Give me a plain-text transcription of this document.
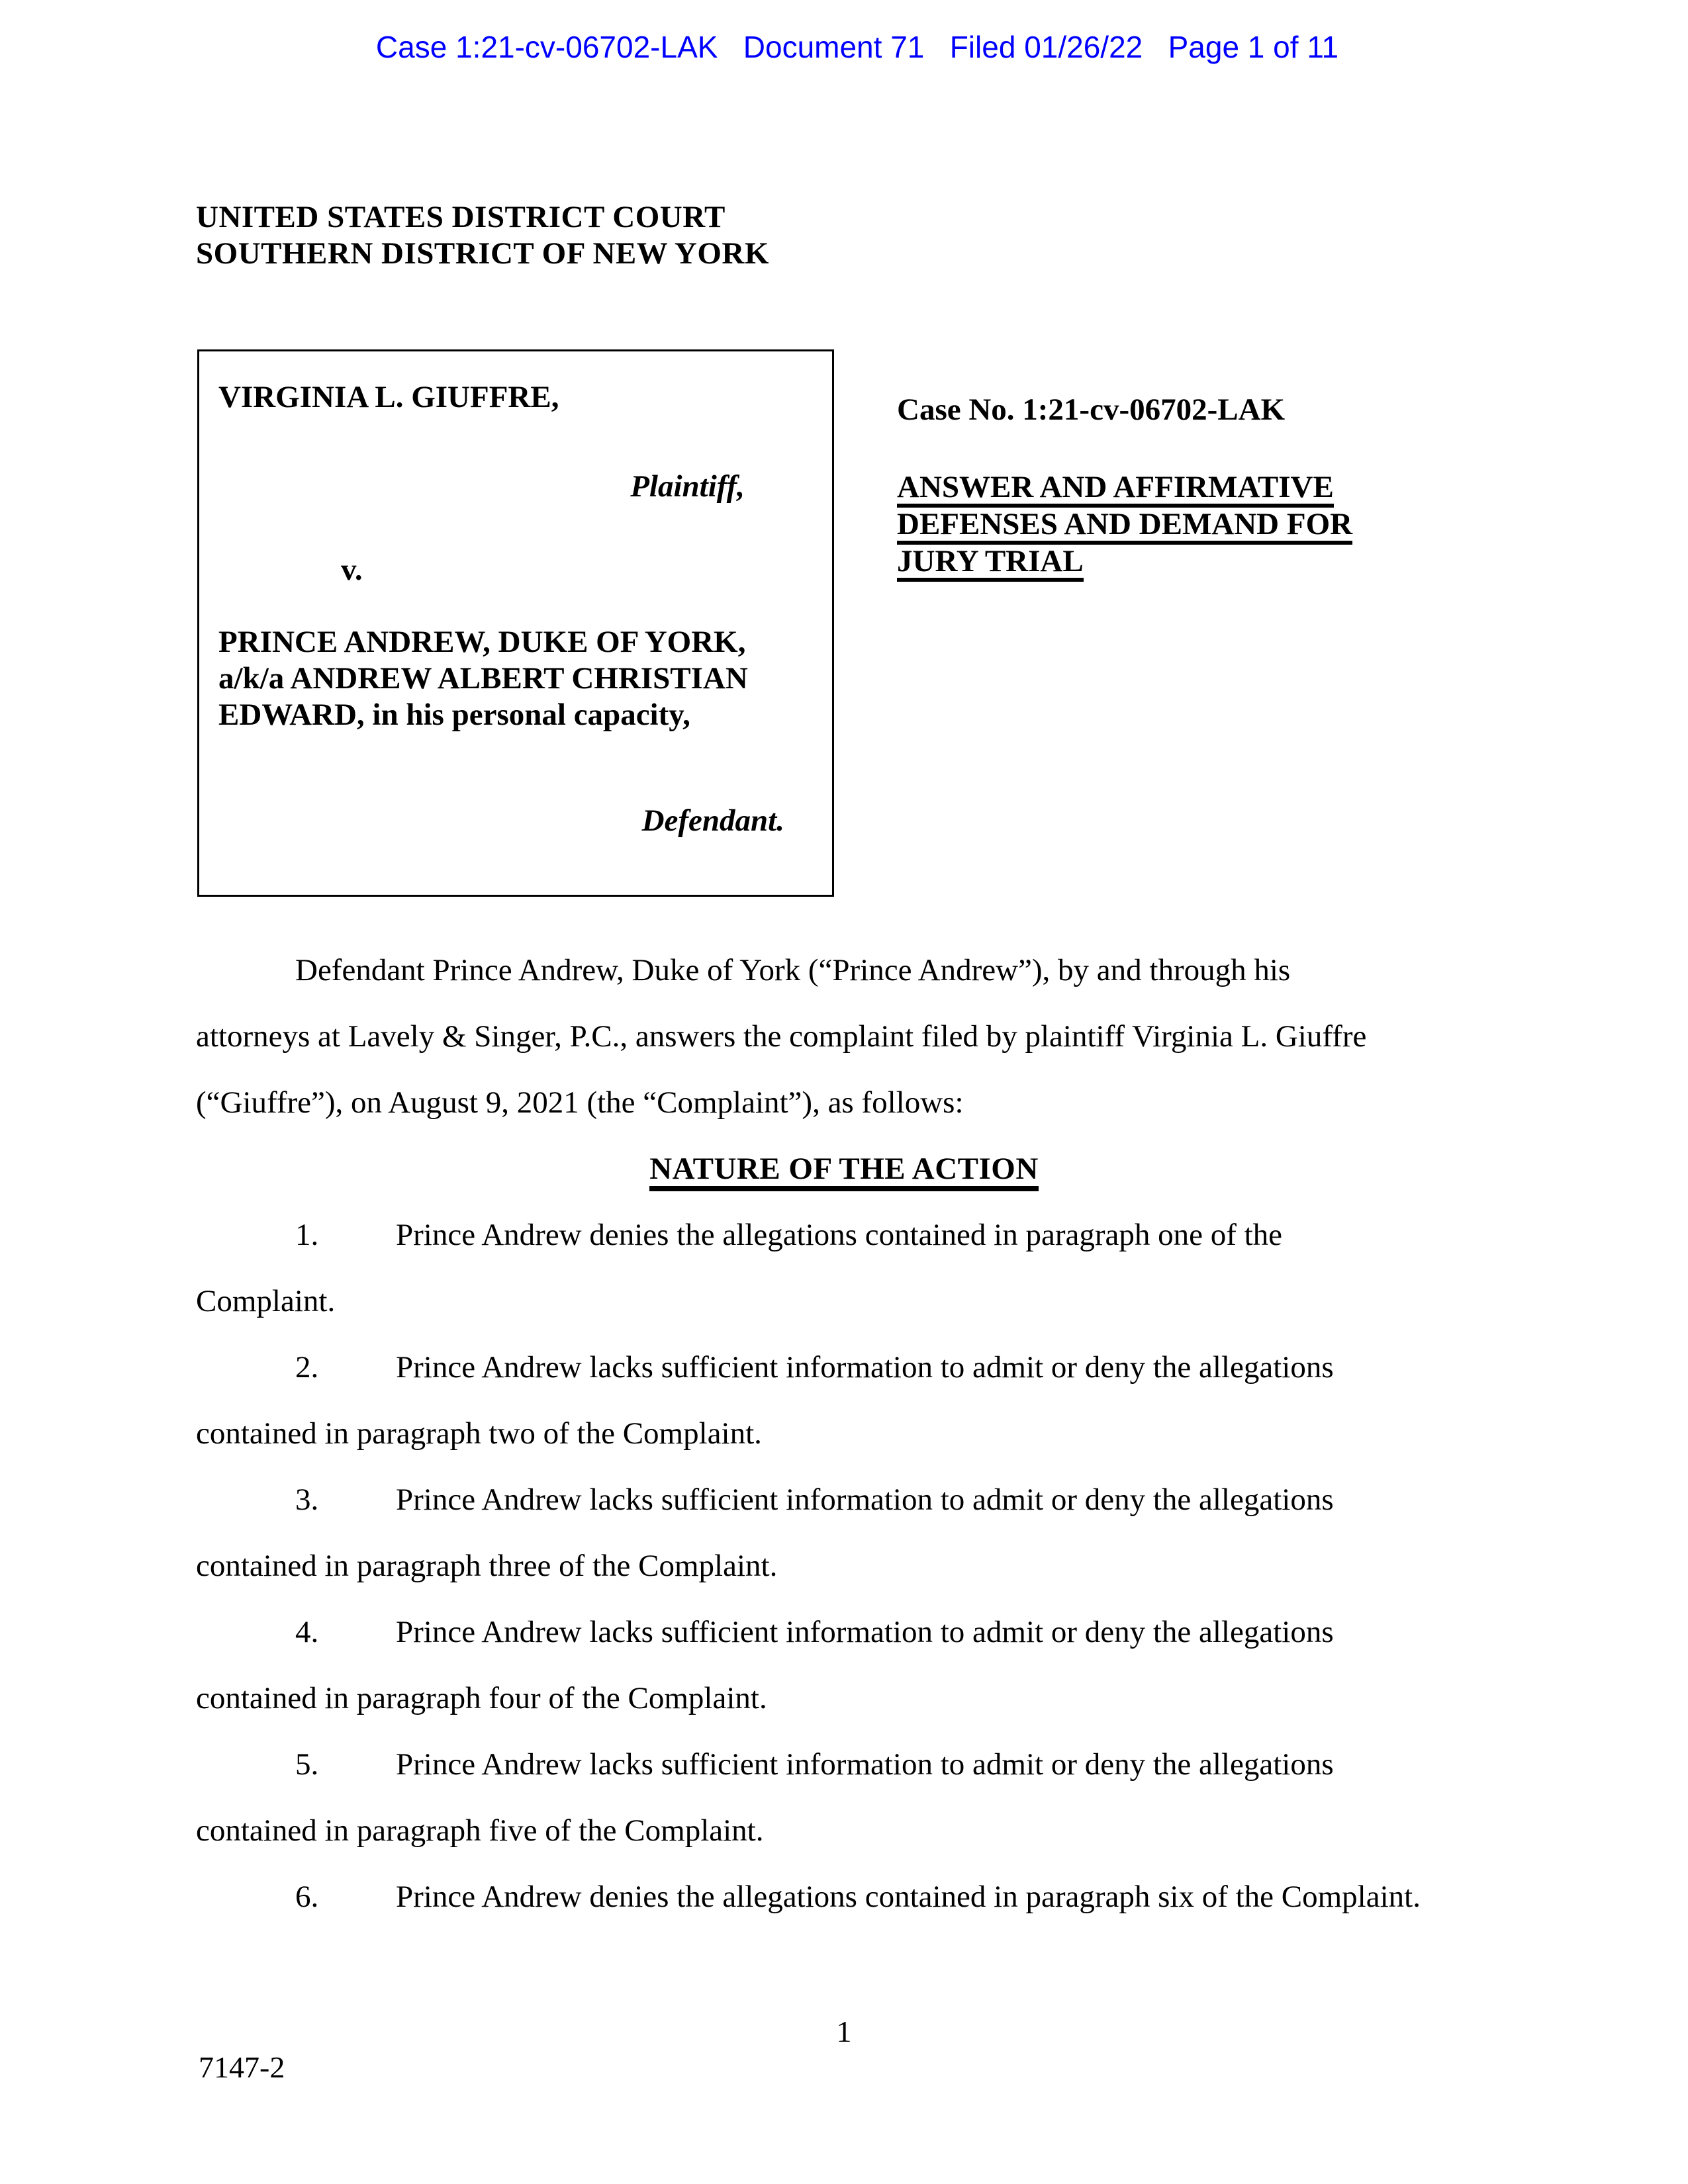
Case 1:21-cv-06702-LAK   Document 71   Filed 01/26/22   Page 1 of 11
UNITED STATES DISTRICT COURT
SOUTHERN DISTRICT OF NEW YORK
VIRGINIA L. GIUFFRE,
Plaintiff,
v.
PRINCE ANDREW, DUKE OF YORK,
a/k/a ANDREW ALBERT CHRISTIAN
EDWARD, in his personal capacity,
Defendant.
Case No. 1:21-cv-06702-LAK
ANSWER AND AFFIRMATIVE
DEFENSES AND DEMAND FOR
JURY TRIAL
Defendant Prince Andrew, Duke of York (“Prince Andrew”), by and through his
attorneys at Lavely & Singer, P.C., answers the complaint filed by plaintiff Virginia L. Giuffre
(“Giuffre”), on August 9, 2021 (the “Complaint”), as follows:
NATURE OF THE ACTION
1. Prince Andrew denies the allegations contained in paragraph one of the
Complaint.
2. Prince Andrew lacks sufficient information to admit or deny the allegations
contained in paragraph two of the Complaint.
3. Prince Andrew lacks sufficient information to admit or deny the allegations
contained in paragraph three of the Complaint.
4. Prince Andrew lacks sufficient information to admit or deny the allegations
contained in paragraph four of the Complaint.
5. Prince Andrew lacks sufficient information to admit or deny the allegations
contained in paragraph five of the Complaint.
6. Prince Andrew denies the allegations contained in paragraph six of the Complaint.
1
7147-2
